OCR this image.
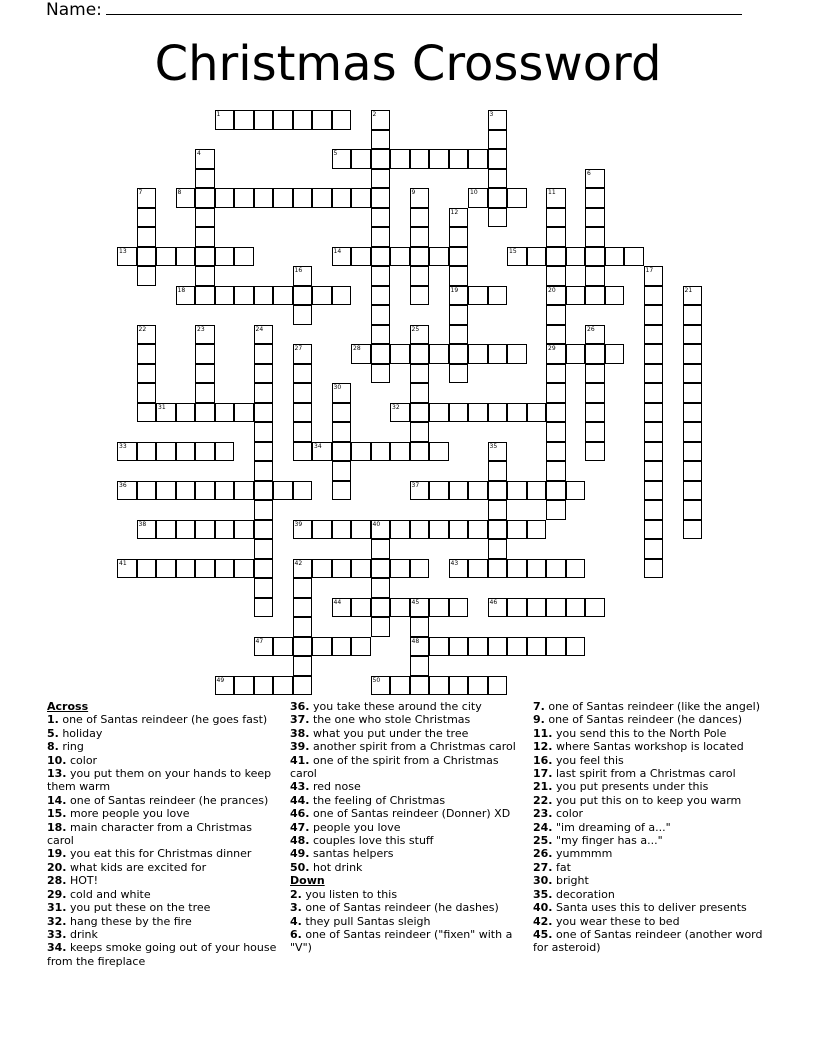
Name:
Christmas Crossword
1
5
8	10
13	14	15
18	19	20
28	29
31	32
33	34
36	37
38	39	40
41	42	43
44	45	46
47	48
49	50
2	3
4
6
7	9	11
12
16	17
21
22	23	24	25	26
27
30
35
Across
1. one of Santas reindeer (he goes fast)
5. holiday
8. ring
10. color
13. you put them on your hands to keep them warm
14. one of Santas reindeer (he prances)
15. more people you love
18. main character from a Christmas carol
19. you eat this for Christmas dinner
20. what kids are excited for
28. HOT!
29. cold and white
31. you put these on the tree
32. hang these by the fire
33. drink
34. keeps smoke going out of your house from the fireplace
36. you take these around the city
37. the one who stole Christmas
38. what you put under the tree
39. another spirit from a Christmas carol
41. one of the spirit from a Christmas carol
43. red nose
44. the feeling of Christmas
46. one of Santas reindeer (Donner) XD
47. people you love
48. couples love this stuff
49. santas helpers
50. hot drink
Down
2. you listen to this
3. one of Santas reindeer (he dashes)
4. they pull Santas sleigh
6. one of Santas reindeer ("fixen" with a "V")
7. one of Santas reindeer (like the angel)
9. one of Santas reindeer (he dances)
11. you send this to the North Pole
12. where Santas workshop is located
16. you feel this
17. last spirit from a Christmas carol
21. you put presents under this
22. you put this on to keep you warm
23. color
24. "im dreaming of a..."
25. "my finger has a..."
26. yummmm
27. fat
30. bright
35. decoration
40. Santa uses this to deliver presents
42. you wear these to bed
45. one of Santas reindeer (another word for asteroid)
